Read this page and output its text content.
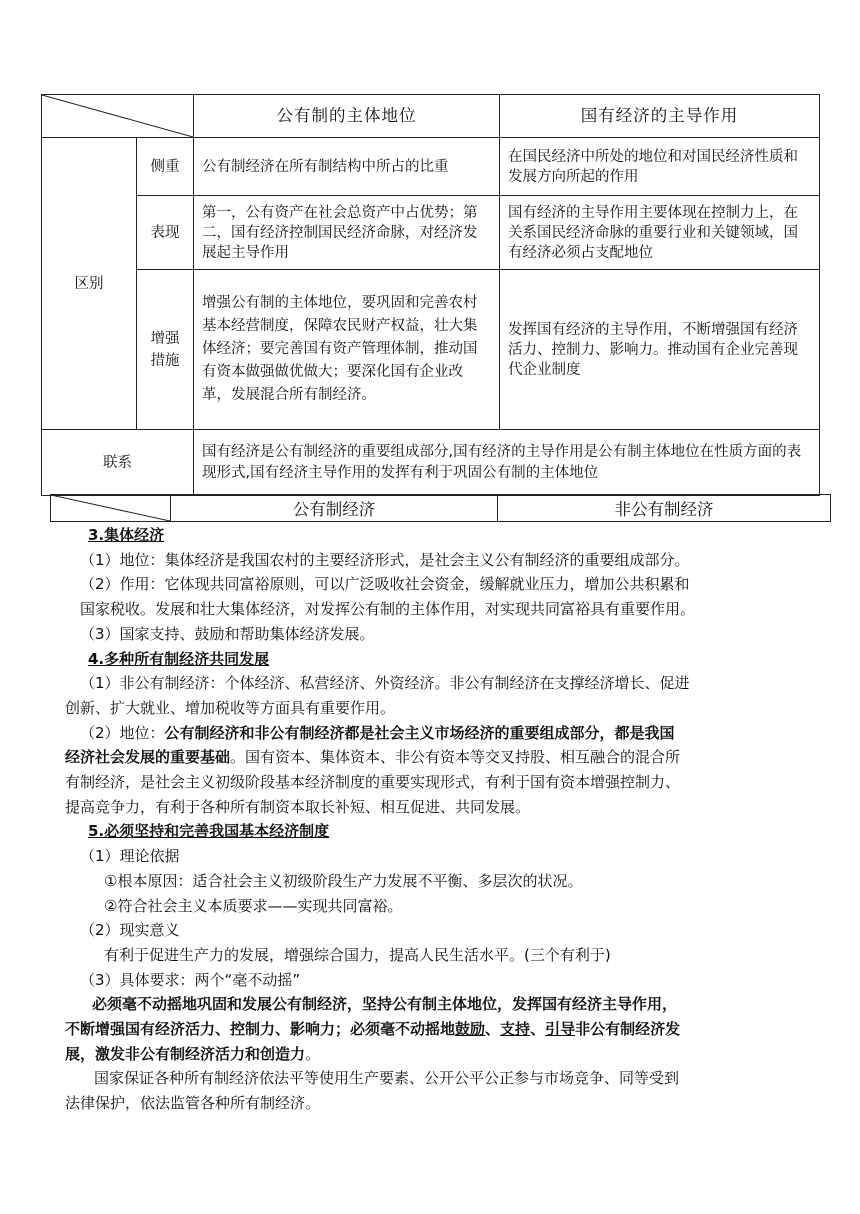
	公有制的主体地位	国有经济的主导作用
区别	侧重	公有制经济在所有制结构中所占的比重	在国民经济中所处的地位和对国民经济性质和发展方向所起的作用
	表现	第一，公有资产在社会总资产中占优势；第二，国有经济控制国民经济命脉，对经济发展起主导作用	国有经济的主导作用主要体现在控制力上，在关系国民经济命脉的重要行业和关键领域，国有经济必须占支配地位
	增强措施	增强公有制的主体地位，要巩固和完善农村基本经营制度，保障农民财产权益，壮大集体经济；要完善国有资产管理体制，推动国有资本做强做优做大；要深化国有企业改革，发展混合所有制经济。	发挥国有经济的主导作用，不断增强国有经济活力、控制力、影响力。推动国有企业完善现代企业制度
联系		国有经济是公有制经济的重要组成部分,国有经济的主导作用是公有制主体地位在性质方面的表现形式,国有经济主导作用的发挥有利于巩固公有制的主体地位	
	公有制经济	非公有制经济

3.集体经济

（1）地位：集体经济是我国农村的主要经济形式，是社会主义公有制经济的重要组成部分。

（2）作用：它体现共同富裕原则，可以广泛吸收社会资金，缓解就业压力，增加公共积累和

国家税收。发展和壮大集体经济，对发挥公有制的主体作用，对实现共同富裕具有重要作用。

（3）国家支持、鼓励和帮助集体经济发展。

4.多种所有制经济共同发展

（1）非公有制经济：个体经济、私营经济、外资经济。非公有制经济在支撑经济增长、促进

创新、扩大就业、增加税收等方面具有重要作用。

（2）地位：公有制经济和非公有制经济都是社会主义市场经济的重要组成部分，都是我国

经济社会发展的重要基础。国有资本、集体资本、非公有资本等交叉持股、相互融合的混合所

有制经济，是社会主义初级阶段基本经济制度的重要实现形式，有利于国有资本增强控制力、

提高竞争力，有利于各种所有制资本取长补短、相互促进、共同发展。

5.必须坚持和完善我国基本经济制度

（1）理论依据

①根本原因：适合社会主义初级阶段生产力发展不平衡、多层次的状况。

②符合社会主义本质要求——实现共同富裕。

（2）现实意义

有利于促进生产力的发展，增强综合国力，提高人民生活水平。(三个有利于)

（3）具体要求：两个“毫不动摇”

必须毫不动摇地巩固和发展公有制经济，坚持公有制主体地位，发挥国有经济主导作用，

不断增强国有经济活力、控制力、影响力；必须毫不动摇地鼓励、支持、引导非公有制经济发

展，激发非公有制经济活力和创造力。

国家保证各种所有制经济依法平等使用生产要素、公开公平公正参与市场竞争、同等受到

法律保护，依法监管各种所有制经济。
